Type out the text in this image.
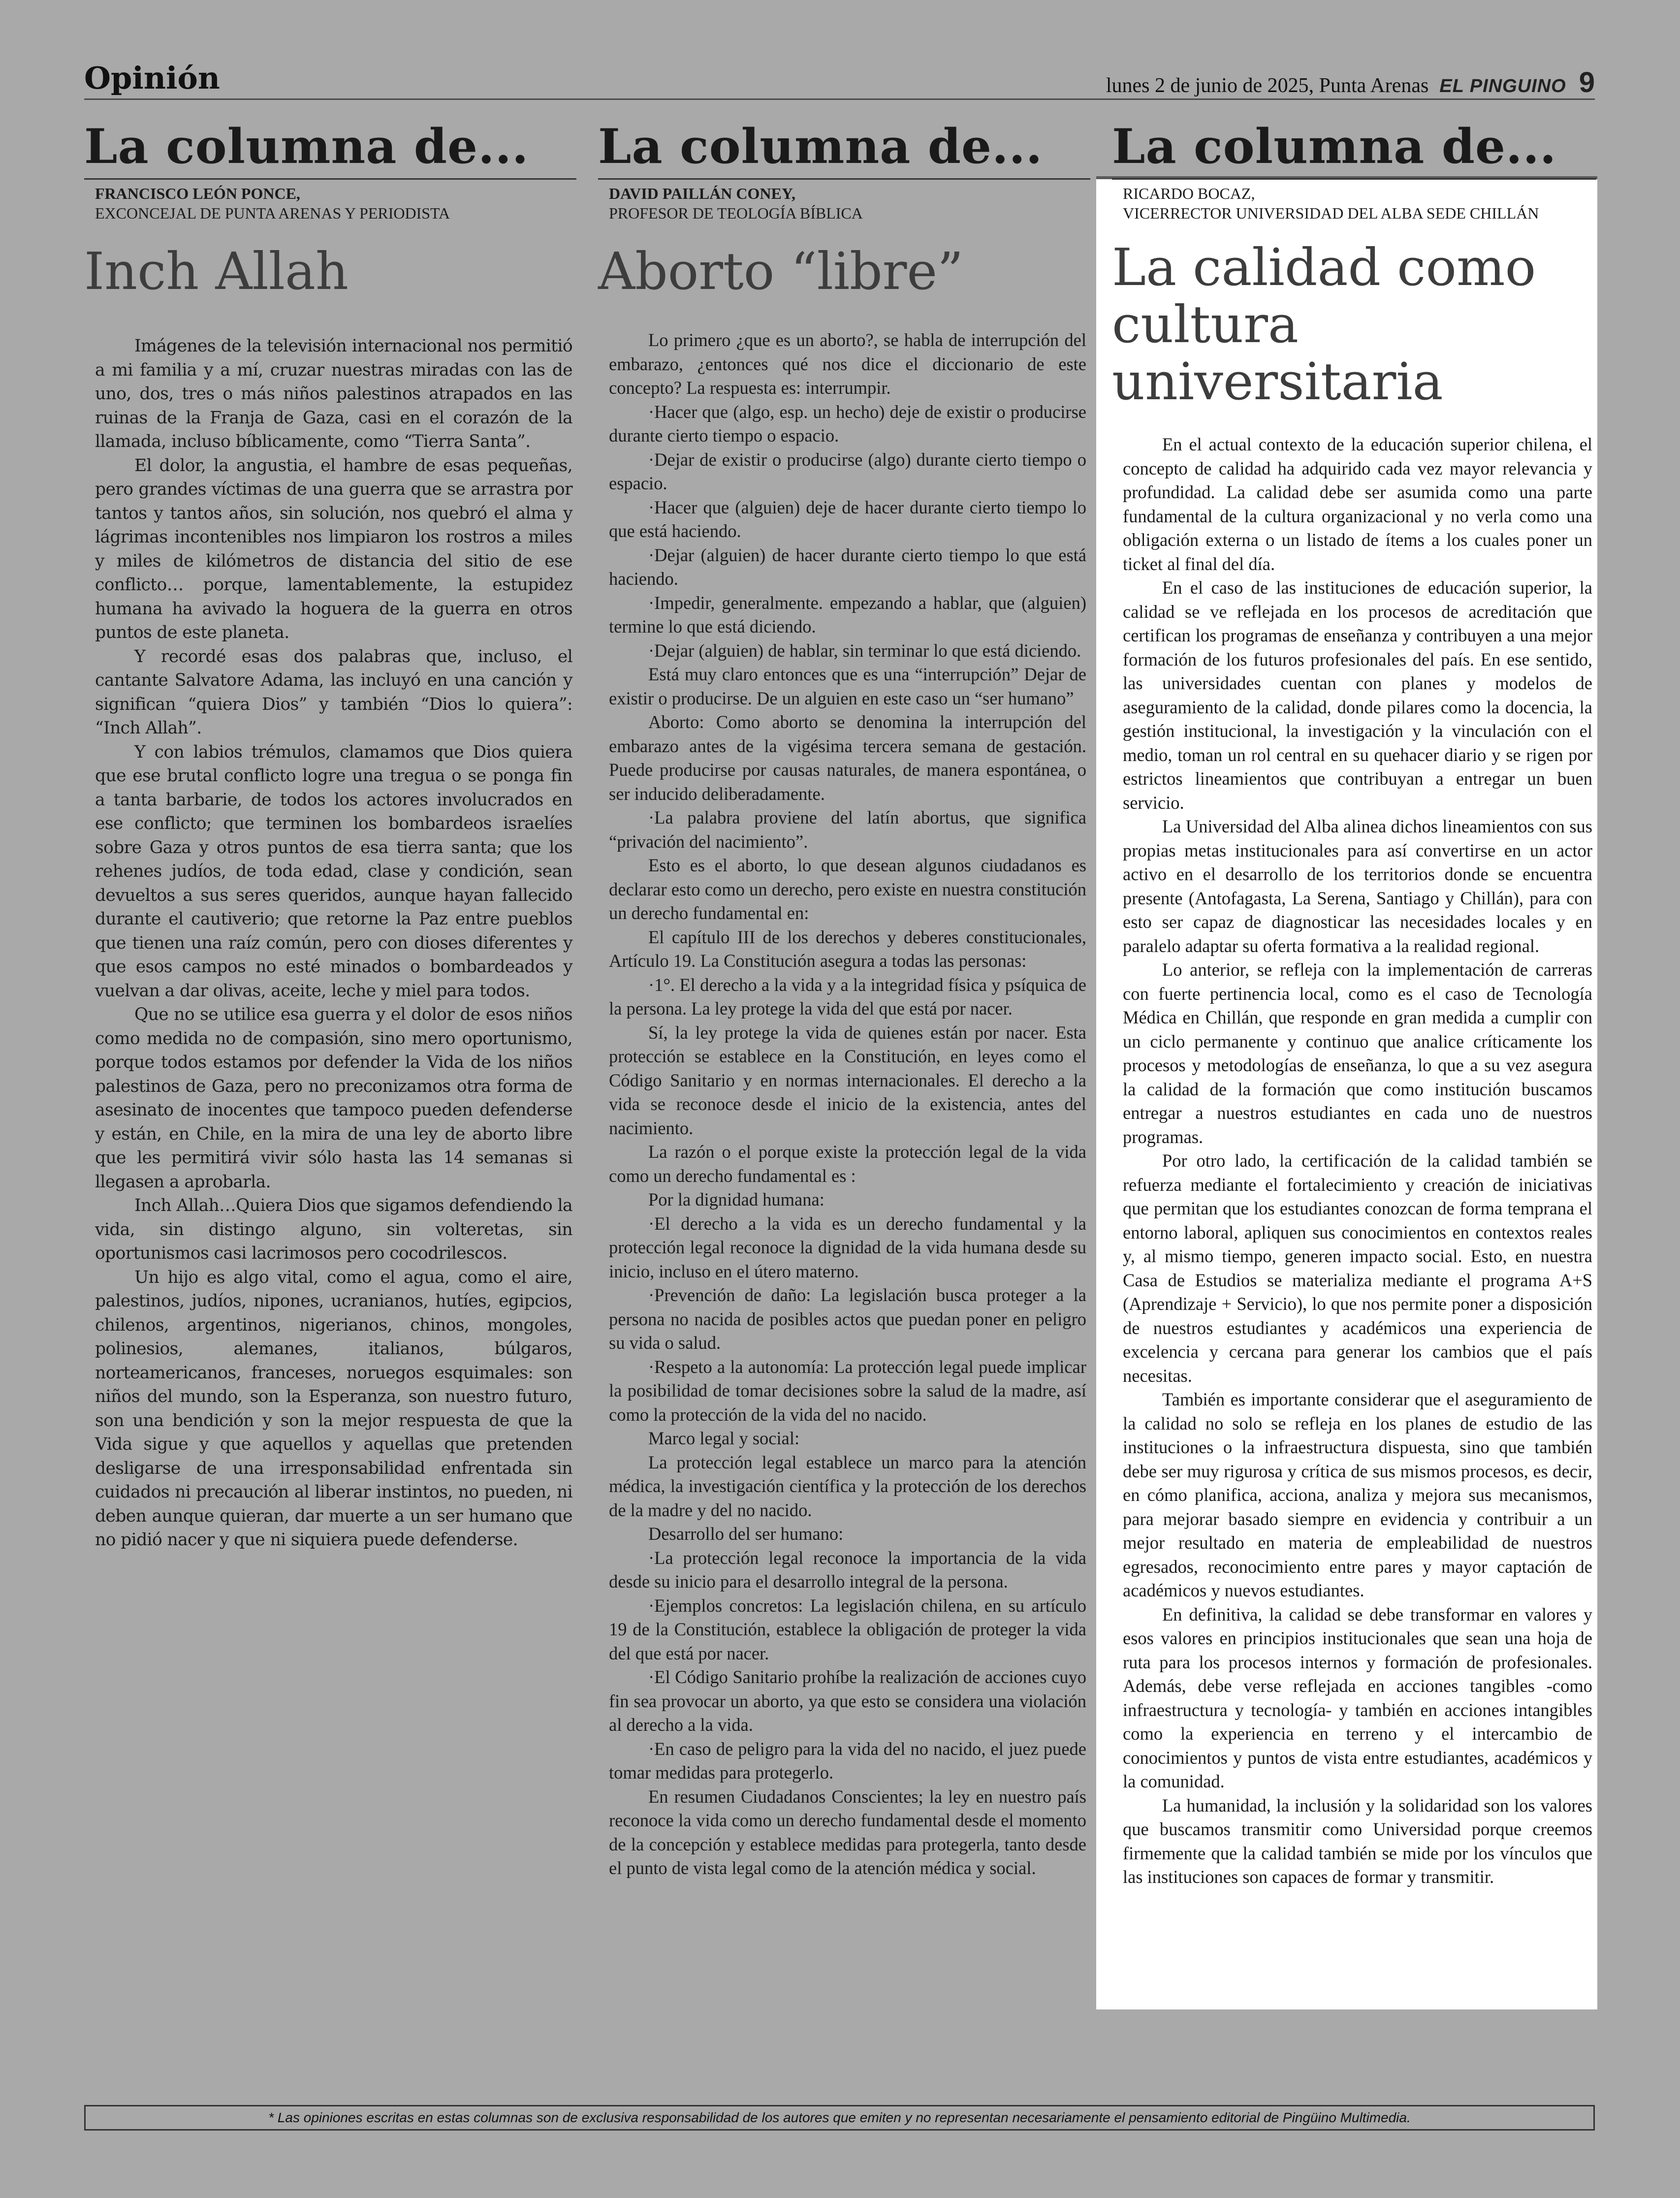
Opinión	lunes 2 de junio de 2025, Punta Arenas EL PINGUINO 9
La columna de...
FRANCISCO LEÓN PONCE,
EXCONCEJAL DE PUNTA ARENAS Y PERIODISTA
Inch Allah

Imágenes de la televisión internacional nos permitió a mi familia y a mí, cruzar nuestras miradas con las de uno, dos, tres o más niños palestinos atrapados en las ruinas de la Franja de Gaza, casi en el corazón de la llamada, incluso bíblicamente, como “Tierra Santa”.

El dolor, la angustia, el hambre de esas pequeñas, pero grandes víctimas de una guerra que se arrastra por tantos y tantos años, sin solución, nos quebró el alma y lágrimas incontenibles nos limpiaron los rostros a miles y miles de kilómetros de distancia del sitio de ese conflicto… porque, lamentablemente, la estupidez humana ha avivado la hoguera de la guerra en otros puntos de este planeta.

Y recordé esas dos palabras que, incluso, el cantante Salvatore Adama, las incluyó en una canción y significan “quiera Dios” y también “Dios lo quiera”: “Inch Allah”.

Y con labios trémulos, clamamos que Dios quiera que ese brutal conflicto logre una tregua o se ponga fin a tanta barbarie, de todos los actores involucrados en ese conflicto; que terminen los bombardeos israelíes sobre Gaza y otros puntos de esa tierra santa; que los rehenes judíos, de toda edad, clase y condición, sean devueltos a sus seres queridos, aunque hayan fallecido durante el cautiverio; que retorne la Paz entre pueblos que tienen una raíz común, pero con dioses diferentes y que esos campos no esté minados o bombardeados y vuelvan a dar olivas, aceite, leche y miel para todos.

Que no se utilice esa guerra y el dolor de esos niños como medida no de compasión, sino mero oportunismo, porque todos estamos por defender la Vida de los niños palestinos de Gaza, pero no preconizamos otra forma de asesinato de inocentes que tampoco pueden defenderse y están, en Chile, en la mira de una ley de aborto libre que les permitirá vivir sólo hasta las 14 semanas si llegasen a aprobarla.

Inch Allah…Quiera Dios que sigamos defendiendo la vida, sin distingo alguno, sin volteretas, sin oportunismos casi lacrimosos pero cocodrilescos.

Un hijo es algo vital, como el agua, como el aire, palestinos, judíos, nipones, ucranianos, hutíes, egipcios, chilenos, argentinos, nigerianos, chinos, mongoles, polinesios, alemanes, italianos, búlgaros, norteamericanos, franceses, noruegos esquimales: son niños del mundo, son la Esperanza, son nuestro futuro, son una bendición y son la mejor respuesta de que la Vida sigue y que aquellos y aquellas que pretenden desligarse de una irresponsabilidad enfrentada sin cuidados ni precaución al liberar instintos, no pueden, ni deben aunque quieran, dar muerte a un ser humano que no pidió nacer y que ni siquiera puede defenderse.

La columna de...
DAVID PAILLÁN CONEY,
PROFESOR DE TEOLOGÍA BÍBLICA
Aborto “libre”

Lo primero ¿que es un aborto?, se habla de interrupción del embarazo, ¿entonces qué nos dice el diccionario de este concepto? La respuesta es: interrumpir.

·Hacer que (algo, esp. un hecho) deje de existir o producirse durante cierto tiempo o espacio.

·Dejar de existir o producirse (algo) durante cierto tiempo o espacio.

·Hacer que (alguien) deje de hacer durante cierto tiempo lo que está haciendo.

·Dejar (alguien) de hacer durante cierto tiempo lo que está haciendo.

·Impedir, generalmente. empezando a hablar, que (alguien) termine lo que está diciendo.

·Dejar (alguien) de hablar, sin terminar lo que está diciendo.

Está muy claro entonces que es una “interrupción” Dejar de existir o producirse. De un alguien en este caso un “ser humano”

Aborto: Como aborto se denomina la interrupción del embarazo antes de la vigésima tercera semana de gestación. Puede producirse por causas naturales, de manera espontánea, o ser inducido deliberadamente.

·La palabra proviene del latín abortus, que significa “privación del nacimiento”.

Esto es el aborto, lo que desean algunos ciudadanos es declarar esto como un derecho, pero existe en nuestra constitución un derecho fundamental en:

El capítulo III de los derechos y deberes constitucionales, Artículo 19. La Constitución asegura a todas las personas:

·1°. El derecho a la vida y a la integridad física y psíquica de la persona. La ley protege la vida del que está por nacer.

Sí, la ley protege la vida de quienes están por nacer. Esta protección se establece en la Constitución, en leyes como el Código Sanitario y en normas internacionales. El derecho a la vida se reconoce desde el inicio de la existencia, antes del nacimiento.

La razón o el porque existe la protección legal de la vida como un derecho fundamental es :

Por la dignidad humana:

·El derecho a la vida es un derecho fundamental y la protección legal reconoce la dignidad de la vida humana desde su inicio, incluso en el útero materno.

·Prevención de daño: La legislación busca proteger a la persona no nacida de posibles actos que puedan poner en peligro su vida o salud.

·Respeto a la autonomía: La protección legal puede implicar la posibilidad de tomar decisiones sobre la salud de la madre, así como la protección de la vida del no nacido.

Marco legal y social:

La protección legal establece un marco para la atención médica, la investigación científica y la protección de los derechos de la madre y del no nacido.

Desarrollo del ser humano:

·La protección legal reconoce la importancia de la vida desde su inicio para el desarrollo integral de la persona.

·Ejemplos concretos: La legislación chilena, en su artículo 19 de la Constitución, establece la obligación de proteger la vida del que está por nacer.

·El Código Sanitario prohíbe la realización de acciones cuyo fin sea provocar un aborto, ya que esto se considera una violación al derecho a la vida.

·En caso de peligro para la vida del no nacido, el juez puede tomar medidas para protegerlo.

En resumen Ciudadanos Conscientes; la ley en nuestro país reconoce la vida como un derecho fundamental desde el momento de la concepción y establece medidas para protegerla, tanto desde el punto de vista legal como de la atención médica y social.

La columna de...
RICARDO BOCAZ,
VICERRECTOR UNIVERSIDAD DEL ALBA SEDE CHILLÁN
La calidad como cultura universitaria

En el actual contexto de la educación superior chilena, el concepto de calidad ha adquirido cada vez mayor relevancia y profundidad. La calidad debe ser asumida como una parte fundamental de la cultura organizacional y no verla como una obligación externa o un listado de ítems a los cuales poner un ticket al final del día.

En el caso de las instituciones de educación superior, la calidad se ve reflejada en los procesos de acreditación que certifican los programas de enseñanza y contribuyen a una mejor formación de los futuros profesionales del país. En ese sentido, las universidades cuentan con planes y modelos de aseguramiento de la calidad, donde pilares como la docencia, la gestión institucional, la investigación y la vinculación con el medio, toman un rol central en su quehacer diario y se rigen por estrictos lineamientos que contribuyan a entregar un buen servicio.

La Universidad del Alba alinea dichos lineamientos con sus propias metas institucionales para así convertirse en un actor activo en el desarrollo de los territorios donde se encuentra presente (Antofagasta, La Serena, Santiago y Chillán), para con esto ser capaz de diagnosticar las necesidades locales y en paralelo adaptar su oferta formativa a la realidad regional.

Lo anterior, se refleja con la implementación de carreras con fuerte pertinencia local, como es el caso de Tecnología Médica en Chillán, que responde en gran medida a cumplir con un ciclo permanente y continuo que analice críticamente los procesos y metodologías de enseñanza, lo que a su vez asegura la calidad de la formación que como institución buscamos entregar a nuestros estudiantes en cada uno de nuestros programas.

Por otro lado, la certificación de la calidad también se refuerza mediante el fortalecimiento y creación de iniciativas que permitan que los estudiantes conozcan de forma temprana el entorno laboral, apliquen sus conocimientos en contextos reales y, al mismo tiempo, generen impacto social. Esto, en nuestra Casa de Estudios se materializa mediante el programa A+S (Aprendizaje + Servicio), lo que nos permite poner a disposición de nuestros estudiantes y académicos una experiencia de excelencia y cercana para generar los cambios que el país necesitas.

También es importante considerar que el aseguramiento de la calidad no solo se refleja en los planes de estudio de las instituciones o la infraestructura dispuesta, sino que también debe ser muy rigurosa y crítica de sus mismos procesos, es decir, en cómo planifica, acciona, analiza y mejora sus mecanismos, para mejorar basado siempre en evidencia y contribuir a un mejor resultado en materia de empleabilidad de nuestros egresados, reconocimiento entre pares y mayor captación de académicos y nuevos estudiantes.

En definitiva, la calidad se debe transformar en valores y esos valores en principios institucionales que sean una hoja de ruta para los procesos internos y formación de profesionales. Además, debe verse reflejada en acciones tangibles -como infraestructura y tecnología- y también en acciones intangibles como la experiencia en terreno y el intercambio de conocimientos y puntos de vista entre estudiantes, académicos y la comunidad.

La humanidad, la inclusión y la solidaridad son los valores que buscamos transmitir como Universidad porque creemos firmemente que la calidad también se mide por los vínculos que las instituciones son capaces de formar y transmitir.

* Las opiniones escritas en estas columnas son de exclusiva responsabilidad de los autores que emiten y no representan necesariamente el pensamiento editorial de Pingüino Multimedia.
